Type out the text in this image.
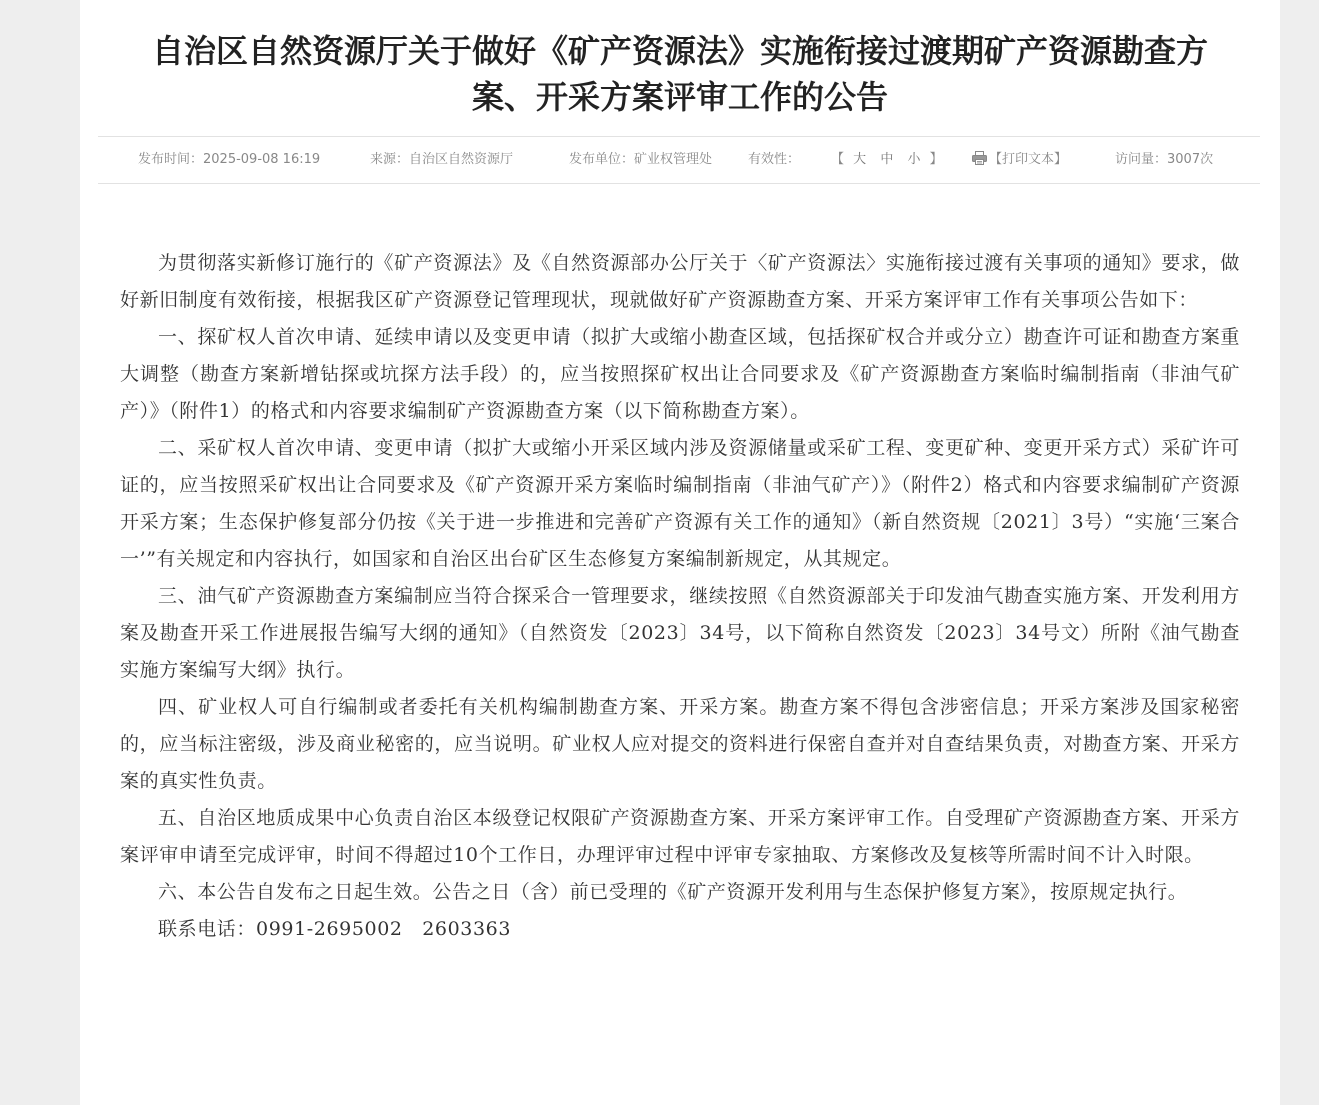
自治区自然资源厅关于做好《矿产资源法》实施衔接过渡期矿产资源勘查方
案、开采方案评审工作的公告
发布时间：2025-09-08 16:19	来源：自治区自然资源厅	发布单位：矿业权管理处	有效性： 【 大 中 小 】	【打印文本】	访问量：3007次

为贯彻落实新修订施行的《矿产资源法》及《自然资源部办公厅关于〈矿产资源法〉实施衔接过渡有关事项的通知》要求，做好新旧制度有效衔接，根据我区矿产资源登记管理现状，现就做好矿产资源勘查方案、开采方案评审工作有关事项公告如下：

一、探矿权人首次申请、延续申请以及变更申请（拟扩大或缩小勘查区域，包括探矿权合并或分立）勘查许可证和勘查方案重大调整（勘查方案新增钻探或坑探方法手段）的，应当按照探矿权出让合同要求及《矿产资源勘查方案临时编制指南（非油气矿产）》（附件1）的格式和内容要求编制矿产资源勘查方案（以下简称勘查方案）。

二、采矿权人首次申请、变更申请（拟扩大或缩小开采区域内涉及资源储量或采矿工程、变更矿种、变更开采方式）采矿许可证的，应当按照采矿权出让合同要求及《矿产资源开采方案临时编制指南（非油气矿产）》（附件2）格式和内容要求编制矿产资源开采方案；生态保护修复部分仍按《关于进一步推进和完善矿产资源有关工作的通知》（新自然资规〔2021〕3号）“实施‘三案合一’”有关规定和内容执行，如国家和自治区出台矿区生态修复方案编制新规定，从其规定。

三、油气矿产资源勘查方案编制应当符合探采合一管理要求，继续按照《自然资源部关于印发油气勘查实施方案、开发利用方案及勘查开采工作进展报告编写大纲的通知》（自然资发〔2023〕34号，以下简称自然资发〔2023〕34号文）所附《油气勘查实施方案编写大纲》执行。

四、矿业权人可自行编制或者委托有关机构编制勘查方案、开采方案。勘查方案不得包含涉密信息；开采方案涉及国家秘密的，应当标注密级，涉及商业秘密的，应当说明。矿业权人应对提交的资料进行保密自查并对自查结果负责，对勘查方案、开采方案的真实性负责。

五、自治区地质成果中心负责自治区本级登记权限矿产资源勘查方案、开采方案评审工作。自受理矿产资源勘查方案、开采方案评审申请至完成评审，时间不得超过10个工作日，办理评审过程中评审专家抽取、方案修改及复核等所需时间不计入时限。

六、本公告自发布之日起生效。公告之日（含）前已受理的《矿产资源开发利用与生态保护修复方案》，按原规定执行。

联系电话：0991-2695002　2603363
